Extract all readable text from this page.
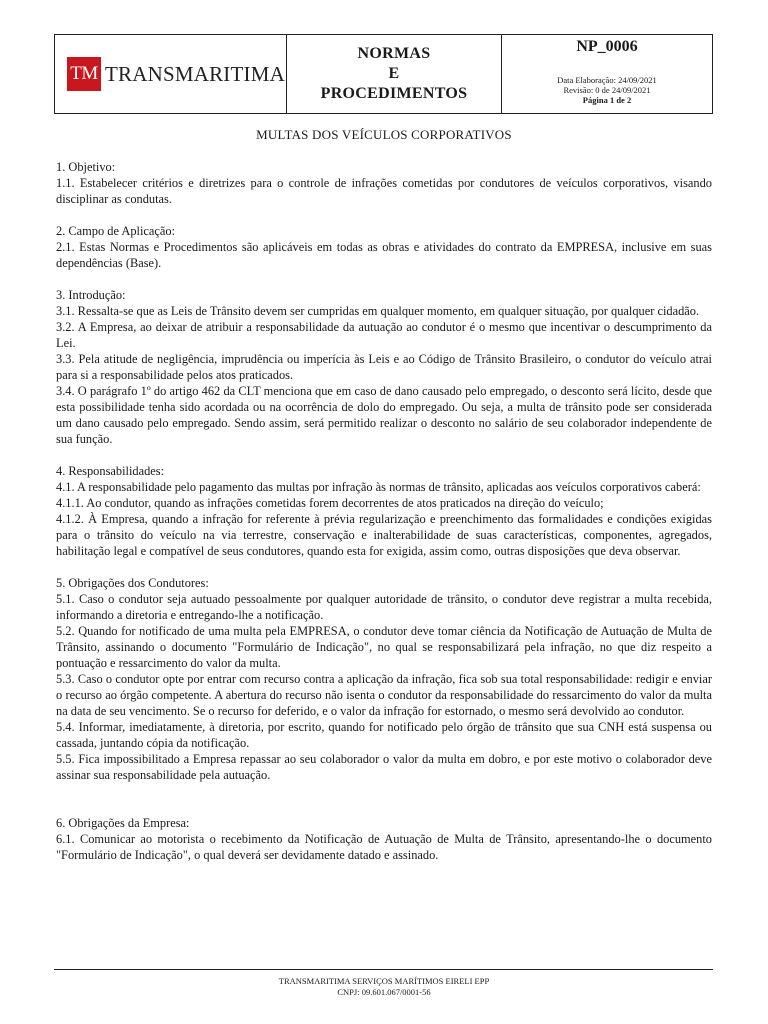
TM TRANSMARITIMA
NORMAS
E
PROCEDIMENTOS
NP_0006
Data Elaboração: 24/09/2021
Revisão: 0 de 24/09/2021
Página 1 de 2
MULTAS DOS VEÍCULOS CORPORATIVOS

1. Objetivo:

1.1. Estabelecer critérios e diretrizes para o controle de infrações cometidas por condutores de veículos corporativos, visando disciplinar as condutas.

2. Campo de Aplicação:

2.1. Estas Normas e Procedimentos são aplicáveis em todas as obras e atividades do contrato da EMPRESA, inclusive em suas dependências (Base).

3. Introdução:

3.1. Ressalta-se que as Leis de Trânsito devem ser cumpridas em qualquer momento, em qualquer situação, por qualquer cidadão.

3.2. A Empresa, ao deixar de atribuir a responsabilidade da autuação ao condutor é o mesmo que incentivar o descumprimento da Lei.

3.3. Pela atitude de negligência, imprudência ou imperícia às Leis e ao Código de Trânsito Brasileiro, o condutor do veículo atrai para si a responsabilidade pelos atos praticados.

3.4. O parágrafo 1º do artigo 462 da CLT menciona que em caso de dano causado pelo empregado, o desconto será lícito, desde que esta possibilidade tenha sido acordada ou na ocorrência de dolo do empregado. Ou seja, a multa de trânsito pode ser considerada um dano causado pelo empregado. Sendo assim, será permitido realizar o desconto no salário de seu colaborador independente de sua função.

4. Responsabilidades:

4.1. A responsabilidade pelo pagamento das multas por infração às normas de trânsito, aplicadas aos veículos corporativos caberá:

4.1.1. Ao condutor, quando as infrações cometidas forem decorrentes de atos praticados na direção do veículo;

4.1.2. À Empresa, quando a infração for referente à prévia regularização e preenchimento das formalidades e condições exigidas para o trânsito do veículo na via terrestre, conservação e inalterabilidade de suas características, componentes, agregados, habilitação legal e compatível de seus condutores, quando esta for exigida, assim como, outras disposições que deva observar.

5. Obrigações dos Condutores:

5.1. Caso o condutor seja autuado pessoalmente por qualquer autoridade de trânsito, o condutor deve registrar a multa recebida, informando a diretoria e entregando-lhe a notificação.

5.2. Quando for notificado de uma multa pela EMPRESA, o condutor deve tomar ciência da Notificação de Autuação de Multa de Trânsito, assinando o documento "Formulário de Indicação", no qual se responsabilizará pela infração, no que diz respeito a pontuação e ressarcimento do valor da multa.

5.3. Caso o condutor opte por entrar com recurso contra a aplicação da infração, fica sob sua total responsabilidade: redigir e enviar o recurso ao órgão competente. A abertura do recurso não isenta o condutor da responsabilidade do ressarcimento do valor da multa na data de seu vencimento. Se o recurso for deferido, e o valor da infração for estornado, o mesmo será devolvido ao condutor.

5.4. Informar, imediatamente, à diretoria, por escrito, quando for notificado pelo órgão de trânsito que sua CNH está suspensa ou cassada, juntando cópia da notificação.

5.5. Fica impossibilitado a Empresa repassar ao seu colaborador o valor da multa em dobro, e por este motivo o colaborador deve assinar sua responsabilidade pela autuação.

6. Obrigações da Empresa:

6.1. Comunicar ao motorista o recebimento da Notificação de Autuação de Multa de Trânsito, apresentando-lhe o documento "Formulário de Indicação", o qual deverá ser devidamente datado e assinado.

TRANSMARITIMA SERVIÇOS MARÍTIMOS EIRELI EPP
CNPJ: 09.601.067/0001-56
